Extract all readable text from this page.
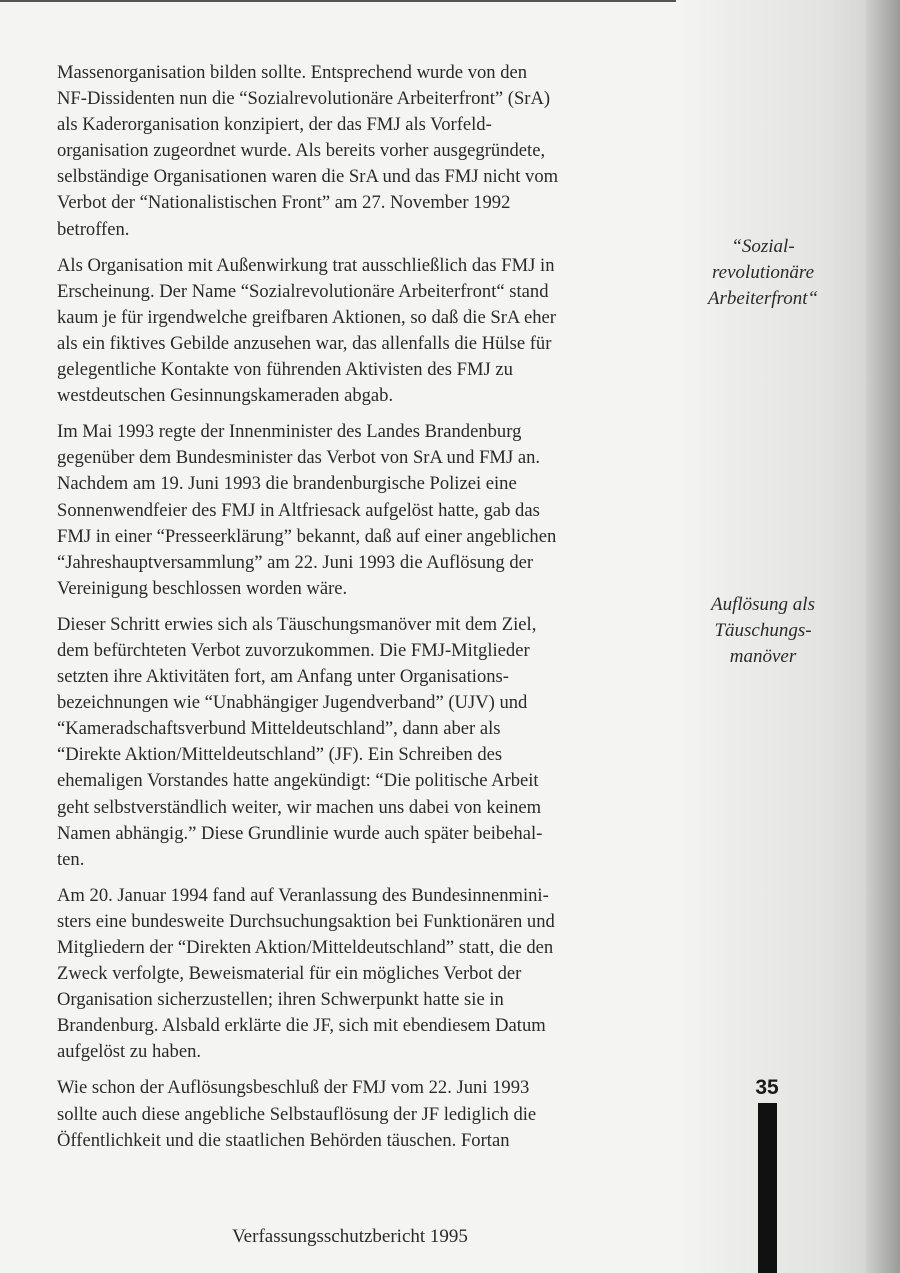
Massenorganisation bilden sollte. Entsprechend wurde von den
NF-Dissidenten nun die “Sozialrevolutionäre Arbeiterfront” (SrA)
als Kaderorganisation konzipiert, der das FMJ als Vorfeld-
organisation zugeordnet wurde. Als bereits vorher ausgegründete,
selbständige Organisationen waren die SrA und das FMJ nicht vom
Verbot der “Nationalistischen Front” am 27. November 1992
betroffen.

Als Organisation mit Außenwirkung trat ausschließlich das FMJ in
Erscheinung. Der Name “Sozialrevolutionäre Arbeiterfront“ stand
kaum je für irgendwelche greifbaren Aktionen, so daß die SrA eher
als ein fiktives Gebilde anzusehen war, das allenfalls die Hülse für
gelegentliche Kontakte von führenden Aktivisten des FMJ zu
westdeutschen Gesinnungskameraden abgab.

Im Mai 1993 regte der Innenminister des Landes Brandenburg
gegenüber dem Bundesminister das Verbot von SrA und FMJ an.
Nachdem am 19. Juni 1993 die brandenburgische Polizei eine
Sonnenwendfeier des FMJ in Altfriesack aufgelöst hatte, gab das
FMJ in einer “Presseerklärung” bekannt, daß auf einer angeblichen
“Jahreshauptversammlung” am 22. Juni 1993 die Auflösung der
Vereinigung beschlossen worden wäre.

Dieser Schritt erwies sich als Täuschungsmanöver mit dem Ziel,
dem befürchteten Verbot zuvorzukommen. Die FMJ-Mitglieder
setzten ihre Aktivitäten fort, am Anfang unter Organisations-
bezeichnungen wie “Unabhängiger Jugendverband” (UJV) und
“Kameradschaftsverbund Mitteldeutschland”, dann aber als
“Direkte Aktion/Mitteldeutschland” (JF). Ein Schreiben des
ehemaligen Vorstandes hatte angekündigt: “Die politische Arbeit
geht selbstverständlich weiter, wir machen uns dabei von keinem
Namen abhängig.” Diese Grundlinie wurde auch später beibehal-
ten.

Am 20. Januar 1994 fand auf Veranlassung des Bundesinnenmini-
sters eine bundesweite Durchsuchungsaktion bei Funktionären und
Mitgliedern der “Direkten Aktion/Mitteldeutschland” statt, die den
Zweck verfolgte, Beweismaterial für ein mögliches Verbot der
Organisation sicherzustellen; ihren Schwerpunkt hatte sie in
Brandenburg. Alsbald erklärte die JF, sich mit ebendiesem Datum
aufgelöst zu haben.

Wie schon der Auflösungsbeschluß der FMJ vom 22. Juni 1993
sollte auch diese angebliche Selbstauflösung der JF lediglich die
Öffentlichkeit und die staatlichen Behörden täuschen. Fortan

“Sozial-
revolutionäre
Arbeiterfront“
Auflösung als
Täuschungs-
manöver
35
Verfassungsschutzbericht 1995
